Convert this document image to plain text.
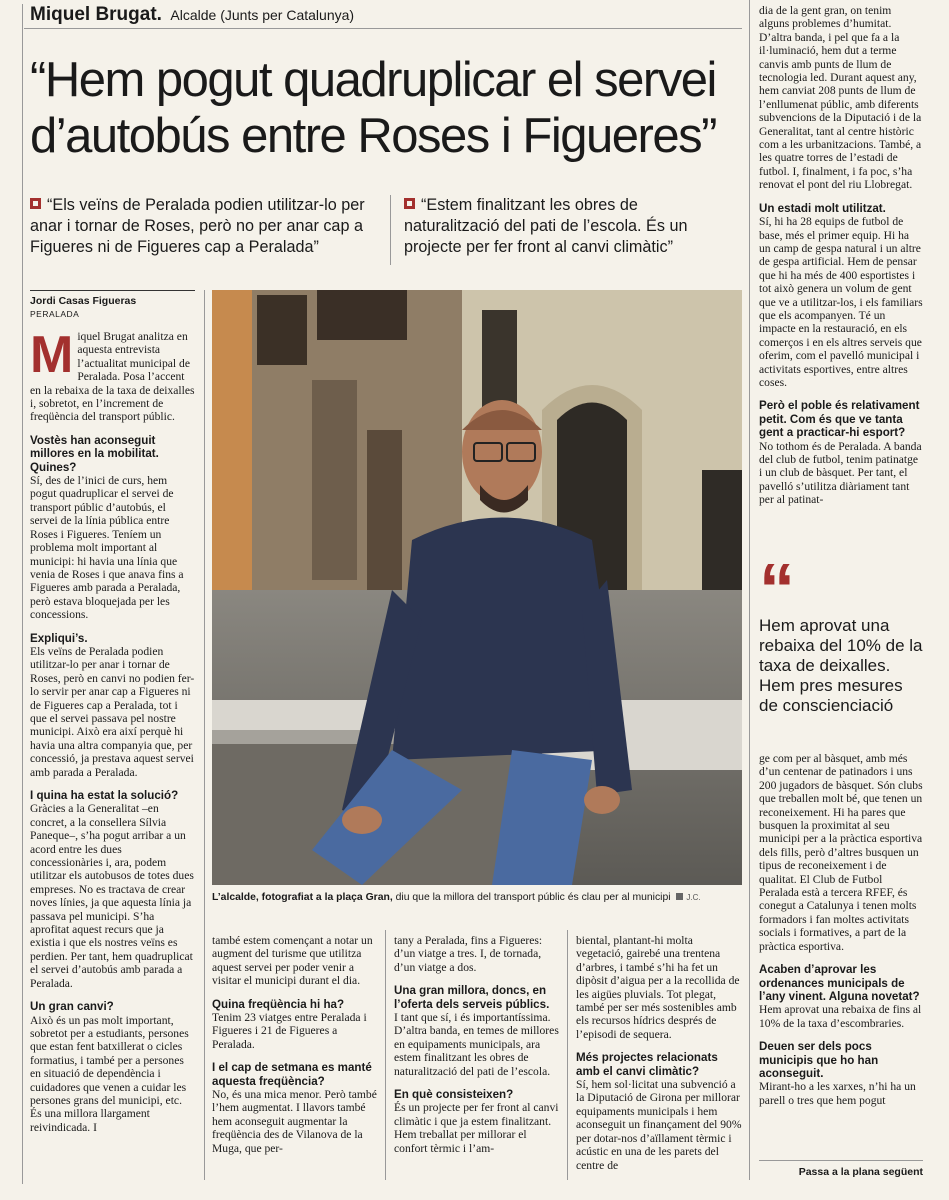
Miquel Brugat. Alcalde (Junts per Catalunya)
“Hem pogut quadruplicar el servei d’autobús entre Roses i Figueres”
“Els veïns de Peralada podien utilitzar-lo per anar i tornar de Roses, però no per anar cap a Figueres ni de Figueres cap a Peralada”
“Estem finalitzant les obres de naturalització del pati de l’escola. És un projecte per fer front al canvi climàtic”
Jordi Casas Figueras
PERALADA
M iquel Brugat analitza en aquesta entrevista l’actualitat municipal de Peralada. Posa l’accent en la rebaixa de la taxa de deixalles i, sobretot, en l’increment de freqüència del transport públic.

Vostès han aconseguit millores en la mobilitat. Quines?

Sí, des de l’inici de curs, hem pogut quadruplicar el servei de transport públic d’autobús, el servei de la línia pública entre Roses i Figueres. Teníem un problema molt important al municipi: hi havia una línia que venia de Roses i que anava fins a Figueres amb parada a Peralada, però estava bloquejada per les concessions.

Expliqui’s.

Els veïns de Peralada podien utilitzar-lo per anar i tornar de Roses, però en canvi no podien fer-lo servir per anar cap a Figueres ni de Figueres cap a Peralada, tot i que el servei passava pel nostre municipi. Això era així perquè hi havia una altra companyia que, per concessió, ja prestava aquest servei amb parada a Peralada.

I quina ha estat la solució?

Gràcies a la Generalitat –en concret, a la consellera Sílvia Paneque–, s’ha pogut arribar a un acord entre les dues concessionàries i, ara, podem utilitzar els autobusos de totes dues empreses. No es tractava de crear noves línies, ja que aquesta línia ja passava pel municipi. S’ha aprofitat aquest recurs que ja existia i que els nostres veïns es perdien. Per tant, hem quadruplicat el servei d’autobús amb parada a Peralada.

Un gran canvi?

Això és un pas molt important, sobretot per a estudiants, persones que estan fent batxillerat o cicles formatius, i també per a persones en situació de dependència i cuidadores que venen a cuidar les persones grans del municipi, etc. És una millora llargament reivindicada. I

L’alcalde, fotografiat a la plaça Gran, diu que la millora del transport públic és clau per al municipi J.C.

també estem començant a notar un augment del turisme que utilitza aquest servei per poder venir a visitar el municipi durant el dia.

Quina freqüència hi ha?

Tenim 23 viatges entre Peralada i Figueres i 21 de Figueres a Peralada.

I el cap de setmana es manté aquesta freqüència?

No, és una mica menor. Però també l’hem augmentat. I llavors també hem aconseguit augmentar la freqüència des de Vilanova de la Muga, que per-

tany a Peralada, fins a Figueres: d’un viatge a tres. I, de tornada, d’un viatge a dos.

Una gran millora, doncs, en l’oferta dels serveis públics.

I tant que sí, i és importantíssima. D’altra banda, en temes de millores en equipaments municipals, ara estem finalitzant les obres de naturalització del pati de l’escola.

En què consisteixen?

És un projecte per fer front al canvi climàtic i que ja estem finalitzant. Hem treballat per millorar el confort tèrmic i l’am-

biental, plantant-hi molta vegetació, gairebé una trentena d’arbres, i també s’hi ha fet un dipòsit d’aigua per a la recollida de les aigües pluvials. Tot plegat, també per ser més sostenibles amb els recursos hídrics després de l’episodi de sequera.

Més projectes relacionats amb el canvi climàtic?

Sí, hem sol·licitat una subvenció a la Diputació de Girona per millorar equipaments municipals i hem aconseguit un finançament del 90% per dotar-nos d’aïllament tèrmic i acústic en una de les parets del centre de

dia de la gent gran, on tenim alguns problemes d’humitat. D’altra banda, i pel que fa a la il·luminació, hem dut a terme canvis amb punts de llum de tecnologia led. Durant aquest any, hem canviat 208 punts de llum de l’enllumenat públic, amb diferents subvencions de la Diputació i de la Generalitat, tant al centre històric com a les urbanitzacions. També, a les quatre torres de l’estadi de futbol. I, finalment, i fa poc, s’ha renovat el pont del riu Llobregat.

Un estadi molt utilitzat.

Sí, hi ha 28 equips de futbol de base, més el primer equip. Hi ha un camp de gespa natural i un altre de gespa artificial. Hem de pensar que hi ha més de 400 esportistes i tot això genera un volum de gent que ve a utilitzar-los, i els familiars que els acompanyen. Té un impacte en la restauració, en els comerços i en els altres serveis que oferim, com el pavelló municipal i activitats esportives, entre altres coses.

Però el poble és relativament petit. Com és que ve tanta gent a practicar-hi esport?

No tothom és de Peralada. A banda del club de futbol, tenim patinatge i un club de bàsquet. Per tant, el pavelló s’utilitza diàriament tant per al patinat-

“
Hem aprovat una rebaixa del 10% de la taxa de deixalles. Hem pres mesures de conscienciació

ge com per al bàsquet, amb més d’un centenar de patinadors i uns 200 jugadors de bàsquet. Són clubs que treballen molt bé, que tenen un reconeixement. Hi ha pares que busquen la proximitat al seu municipi per a la pràctica esportiva dels fills, però d’altres busquen un tipus de reconeixement i de qualitat. El Club de Futbol Peralada està a tercera RFEF, és conegut a Catalunya i tenen molts formadors i fan moltes activitats socials i formatives, a part de la pràctica esportiva.

Acaben d’aprovar les ordenances municipals de l’any vinent. Alguna novetat?

Hem aprovat una rebaixa de fins al 10% de la taxa d’escombraries.

Deuen ser dels pocs municipis que ho han aconseguit.

Mirant-ho a les xarxes, n’hi ha un parell o tres que hem pogut

Passa a la plana següent
